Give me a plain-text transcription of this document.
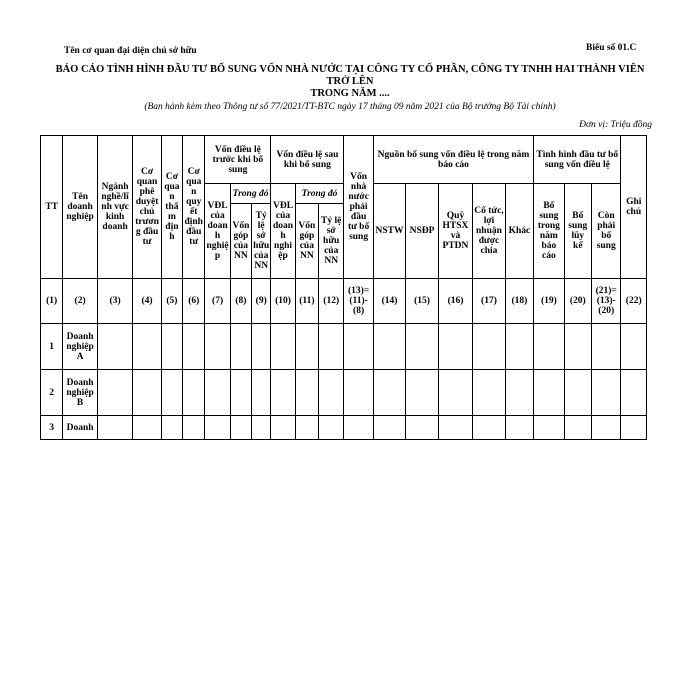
Tên cơ quan đại diện chủ sở hữu	Biểu số 01.C
BÁO CÁO TÌNH HÌNH ĐẦU TƯ BỔ SUNG VỐN NHÀ NƯỚC TẠI CÔNG TY CỔ PHẦN, CÔNG TY TNHH HAI THÀNH VIÊN TRỞ LÊN
TRONG NĂM ....
(Ban hành kèm theo Thông tư số 77/2021/TT-BTC ngày 17 tháng 09 năm 2021 của Bộ trưởng Bộ Tài chính)
Đơn vị: Triệu đồng
TT	Tên doanh nghiệp	Ngành nghề/lĩnh vực kinh doanh	Cơ quan phê duyệt chủ trương đầu tư	Cơ quan thẩm định	Cơ quan quyết định đầu tư	Vốn điều lệ trước khi bổ sung			Vốn điều lệ sau khi bổ sung			Vốn nhà nước phải đầu tư bổ sung	Nguồn bổ sung vốn điều lệ trong năm báo cáo					Tình hình đầu tư bổ sung vốn điều lệ			Ghi chú
						VĐL của doanh nghiệp	Trong đó		VĐL của doanh nghiệp	Trong đó			NSTW	NSĐP	Quỹ HTSX và PTDN	Cổ tức, lợi nhuận được chia	Khác	Bổ sung trong năm báo cáo	Bổ sung lũy kế	Còn phải bổ sung	
							Vốn góp của NN	Tỷ lệ sở hữu của NN		Vốn góp của NN	Tỷ lệ sở hữu của NN										
(1)	(2)	(3)	(4)	(5)	(6)	(7)	(8)	(9)	(10)	(11)	(12)	(13)= (11)- (8)	(14)	(15)	(16)	(17)	(18)	(19)	(20)	(21)= (13)- (20)	(22)
1	Doanh nghiệp A																				
2	Doanh nghiệp B																				
3	Doanh																				
